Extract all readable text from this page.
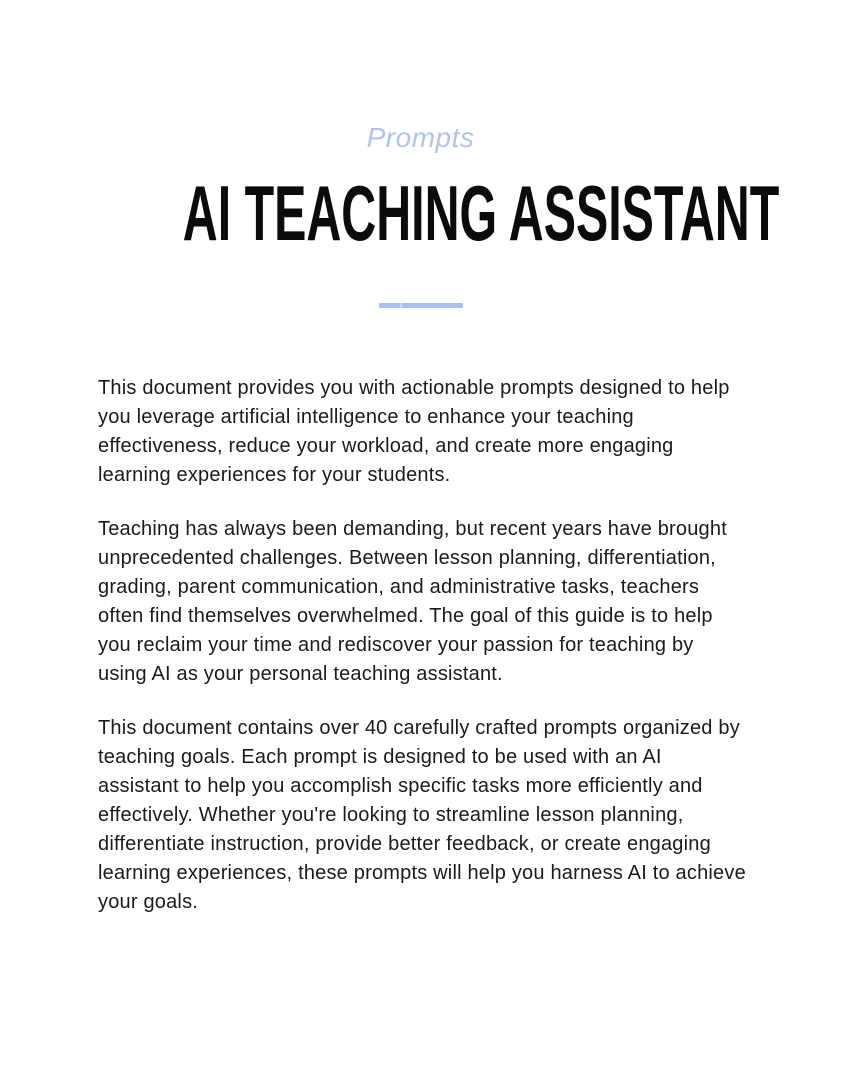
Prompts
AI TEACHING ASSISTANT

This document provides you with actionable prompts designed to help you leverage artificial intelligence to enhance your teaching effectiveness, reduce your workload, and create more engaging learning experiences for your students.

Teaching has always been demanding, but recent years have brought unprecedented challenges. Between lesson planning, differentiation, grading, parent communication, and administrative tasks, teachers often find themselves overwhelmed. The goal of this guide is to help you reclaim your time and rediscover your passion for teaching by using AI as your personal teaching assistant.

This document contains over 40 carefully crafted prompts organized by teaching goals. Each prompt is designed to be used with an AI assistant to help you accomplish specific tasks more efficiently and effectively. Whether you're looking to streamline lesson planning, differentiate instruction, provide better feedback, or create engaging learning experiences, these prompts will help you harness AI to achieve your goals.
